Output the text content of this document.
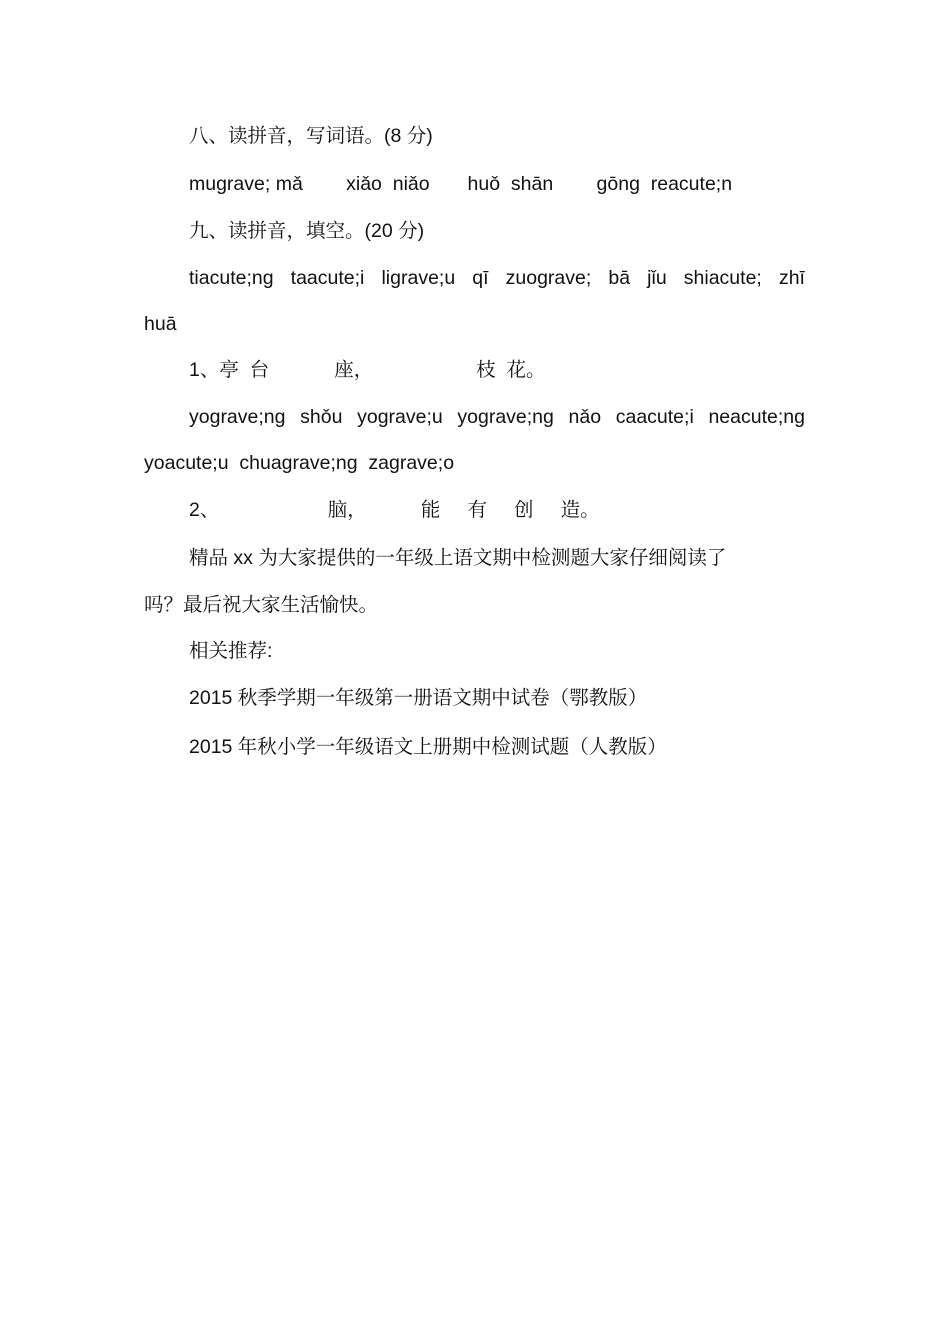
八、读拼音，写词语。(8 分)
mugrave; mǎ        xiǎo  niǎo       huǒ  shān        gōng  reacute;n
九、读拼音，填空。(20 分)
tiacute;ng taacute;i ligrave;u qī zuograve; bā jǐu shiacute; zhī
huā
1、亭  台            座，                   枝  花。
yograve;ng shǒu yograve;u yograve;ng nǎo caacute;i neacute;ng
yoacute;u  chuagrave;ng  zagrave;o
2、                    脑，          能     有     创     造。
精品 xx 为大家提供的一年级上语文期中检测题大家仔细阅读了
吗？最后祝大家生活愉快。
相关推荐:
2015 秋季学期一年级第一册语文期中试卷（鄂教版）
2015 年秋小学一年级语文上册期中检测试题（人教版）
